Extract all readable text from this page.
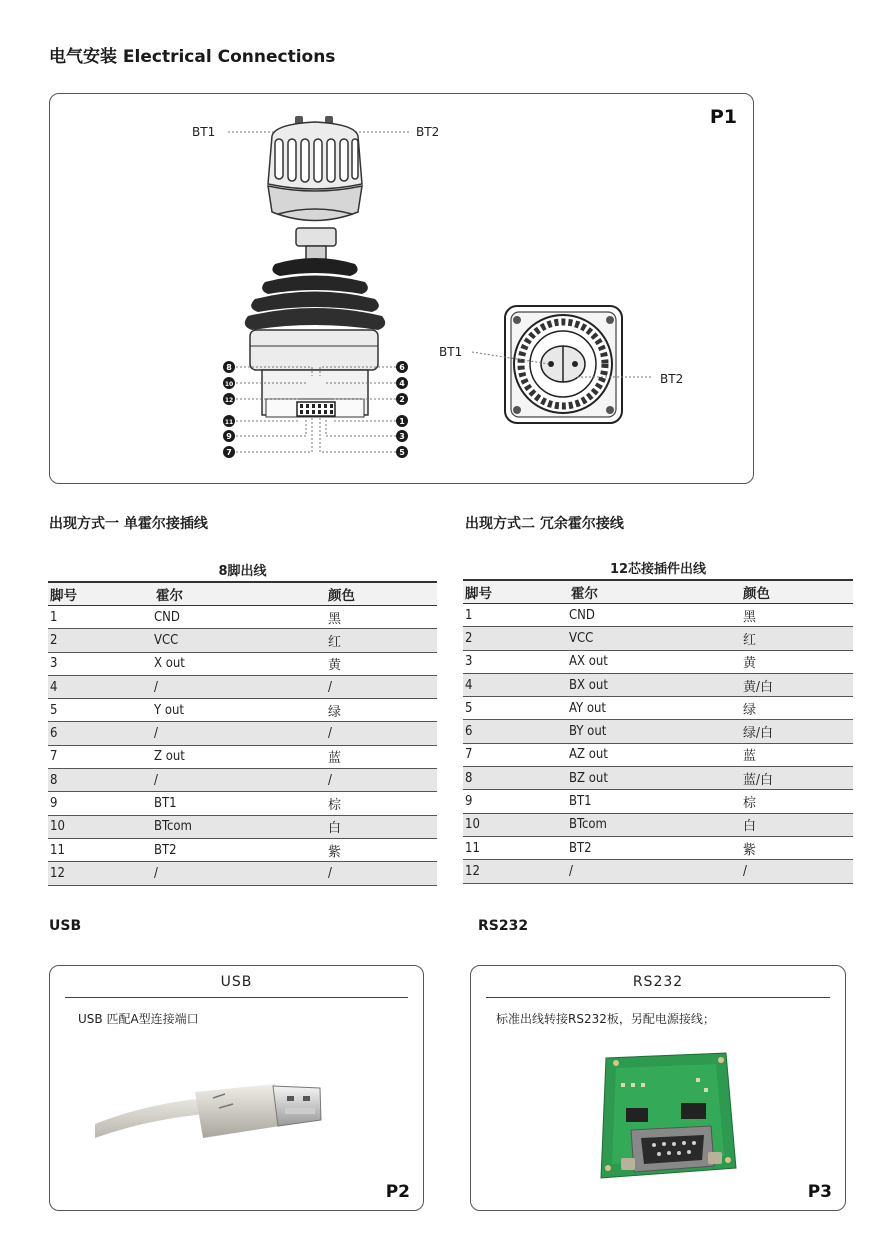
电气安装 Electrical Connections
P1
BT1	BT2
8
10
12
11
9
7
6
4
2
1
3
5
BT1
BT2
出现方式一 单霍尔接插线	出现方式二 冗余霍尔接线
8脚出线
脚号	霍尔	颜色
1	CND	黑
2	VCC	红
3	X out	黄
4	/	/
5	Y out	绿
6	/	/
7	Z out	蓝
8	/	/
9	BT1	棕
10	BTcom	白
11	BT2	紫
12	/	/
12芯接插件出线
脚号	霍尔	颜色
1	CND	黑
2	VCC	红
3	AX out	黄
4	BX out	黄/白
5	AY out	绿
6	BY out	绿/白
7	AZ out	蓝
8	BZ out	蓝/白
9	BT1	棕
10	BTcom	白
11	BT2	紫
12	/	/
USB	RS232
USB
USB 匹配A型连接端口
P2
RS232
标准出线转接RS232板，另配电源接线；
P3
